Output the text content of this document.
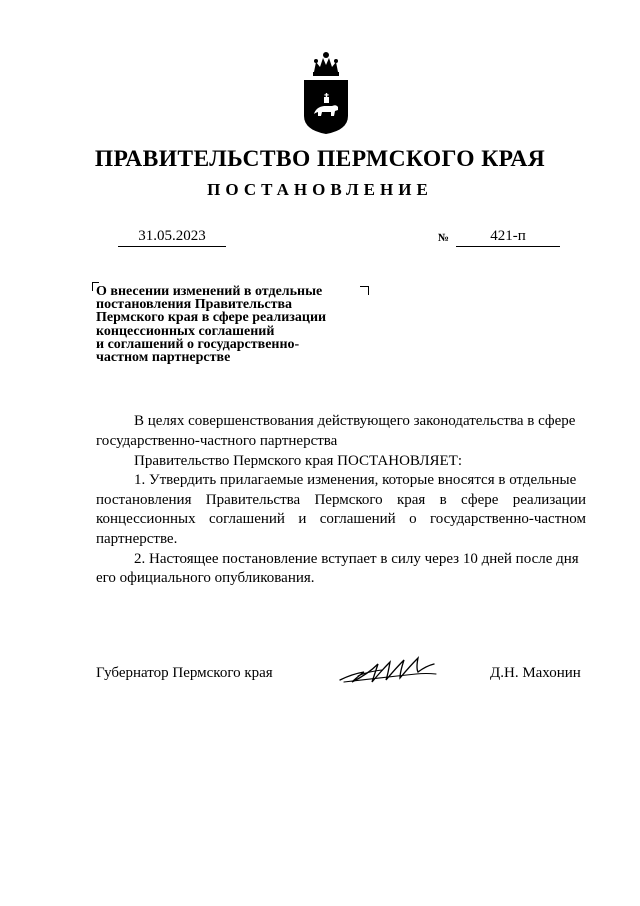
ПРАВИТЕЛЬСТВО ПЕРМСКОГО КРАЯ
ПОСТАНОВЛЕНИЕ
31.05.2023	№	421-п
О внесении изменений в отдельные
постановления Правительства
Пермского края в сфере реализации
концессионных соглашений
и соглашений о государственно-
частном партнерстве
В целях совершенствования действующего законодательства в сфере
государственно-частного партнерства
Правительство Пермского края ПОСТАНОВЛЯЕТ:
1. Утвердить прилагаемые изменения, которые вносятся в отдельные
постановления Правительства Пермского края в сфере реализации
концессионных соглашений и соглашений о государственно-частном
партнерстве.
2. Настоящее постановление вступает в силу через 10 дней после дня
его официального опубликования.
Губернатор Пермского края	Д.Н. Махонин
